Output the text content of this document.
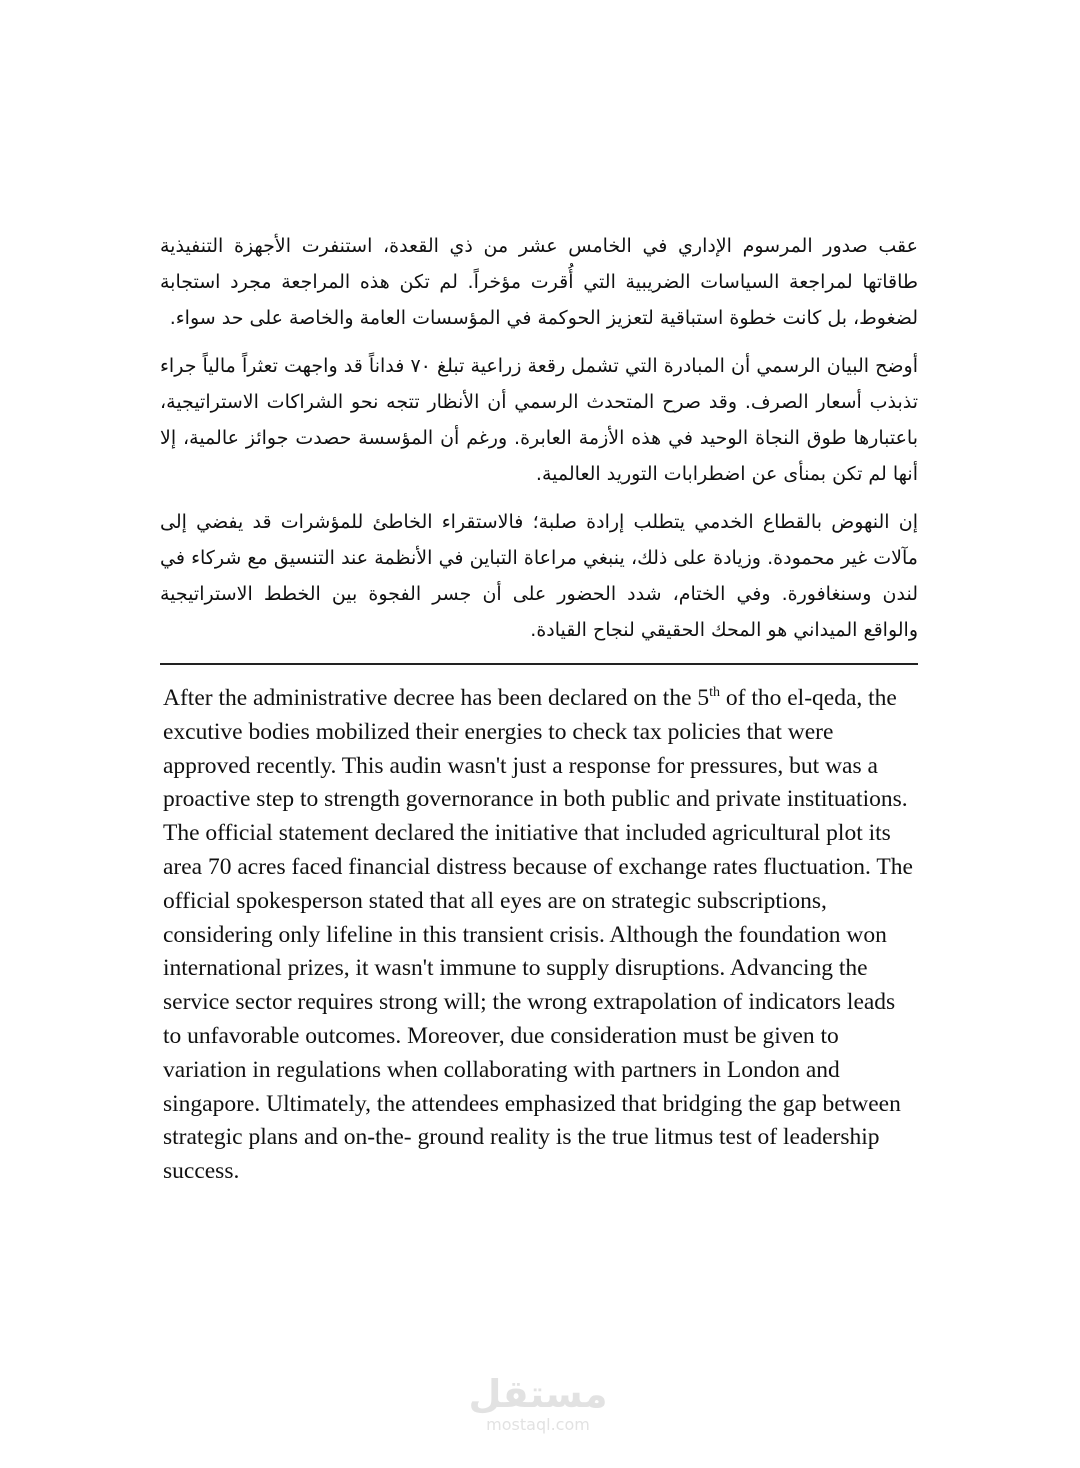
عقب صدور المرسوم الإداري في الخامس عشر من ذي القعدة، استنفرت الأجهزة التنفيذية طاقاتها لمراجعة السياسات الضريبية التي أُقرت مؤخراً. لم تكن هذه المراجعة مجرد استجابة لضغوط، بل كانت خطوة استباقية لتعزيز الحوكمة في المؤسسات العامة والخاصة على حد سواء.

أوضح البيان الرسمي أن المبادرة التي تشمل رقعة زراعية تبلغ ٧٠ فداناً قد واجهت تعثراً مالياً جراء تذبذب أسعار الصرف. وقد صرح المتحدث الرسمي أن الأنظار تتجه نحو الشراكات الاستراتيجية، باعتبارها طوق النجاة الوحيد في هذه الأزمة العابرة. ورغم أن المؤسسة حصدت جوائز عالمية، إلا أنها لم تكن بمنأى عن اضطرابات التوريد العالمية.

إن النهوض بالقطاع الخدمي يتطلب إرادة صلبة؛ فالاستقراء الخاطئ للمؤشرات قد يفضي إلى مآلات غير محمودة. وزيادة على ذلك، ينبغي مراعاة التباين في الأنظمة عند التنسيق مع شركاء في لندن وسنغافورة. وفي الختام، شدد الحضور على أن جسر الفجوة بين الخطط الاستراتيجية والواقع الميداني هو المحك الحقيقي لنجاح القيادة.

After the administrative decree has been declared on the 5th of tho el-qeda, the excutive bodies mobilized their energies to check tax policies that were approved recently. This audin wasn't just a response for pressures, but was a proactive step to strength governorance in both public and private instituations. The official statement declared the initiative that included agricultural plot its area 70 acres faced financial distress because of exchange rates fluctuation. The official spokesperson stated that all eyes are on strategic subscriptions, considering only lifeline in this transient crisis. Although the foundation won international prizes, it wasn't immune to supply disruptions. Advancing the service sector requires strong will; the wrong extrapolation of indicators leads to unfavorable outcomes. Moreover, due consideration must be given to variation in regulations when collaborating with partners in London and singapore. Ultimately, the attendees emphasized that bridging the gap between strategic plans and on-the- ground reality is the true litmus test of leadership success.

مستقل
mostaql.com
